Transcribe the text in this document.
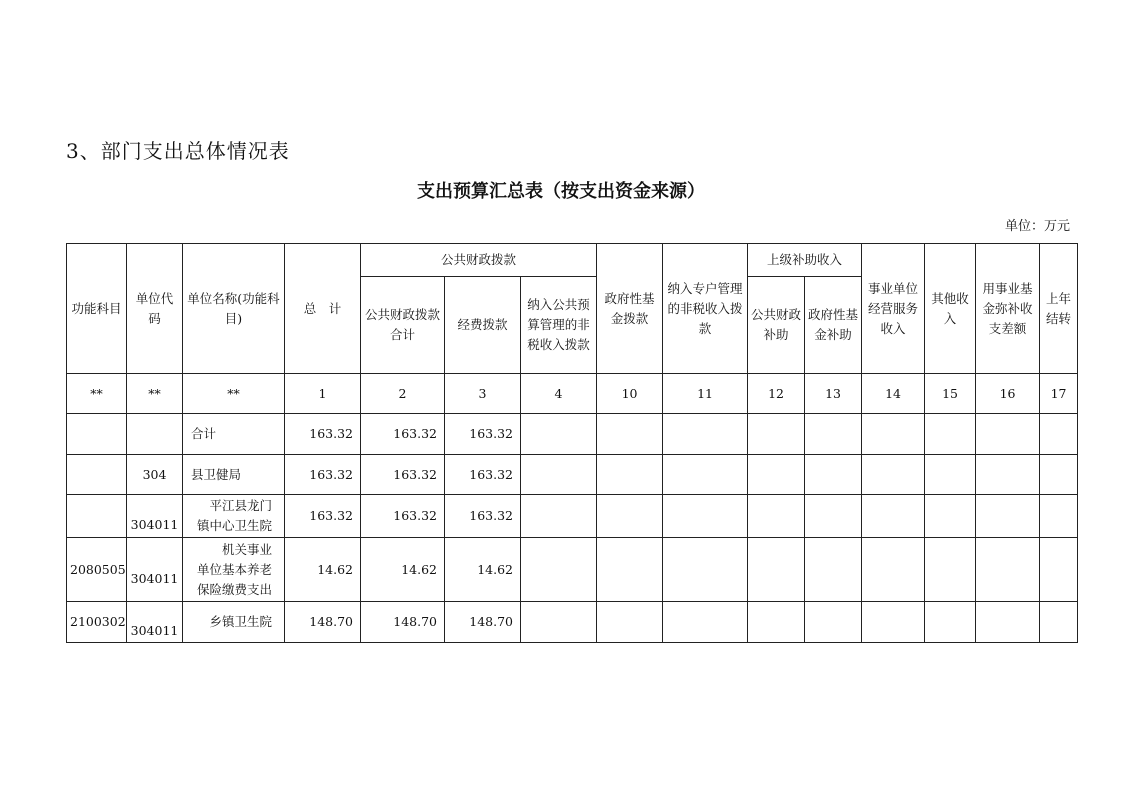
3、部门支出总体情况表
支出预算汇总表（按支出资金来源）
单位：万元
功能科目	单位代码	单位名称(功能科目)	总　计	公共财政拨款			政府性基金拨款	纳入专户管理的非税收入拨款	上级补助收入		事业单位经营服务收入	其他收入	用事业基金弥补收支差额	上年结转
				公共财政拨款合计	经费拨款	纳入公共预算管理的非税收入拨款			公共财政补助	政府性基金补助				
**	**	**	1	2	3	4	10	11	12	13	14	15	16	17
		合计	163.32	163.32	163.32									
	304	县卫健局	163.32	163.32	163.32									

	304011	平江县龙门
镇中心卫生院	163.32	163.32	163.32									
2080505	304011	机关事业
单位基本养老
保险缴费支出	14.62	14.62	14.62									
2100302	304011	乡镇卫生院	148.70	148.70	148.70									
